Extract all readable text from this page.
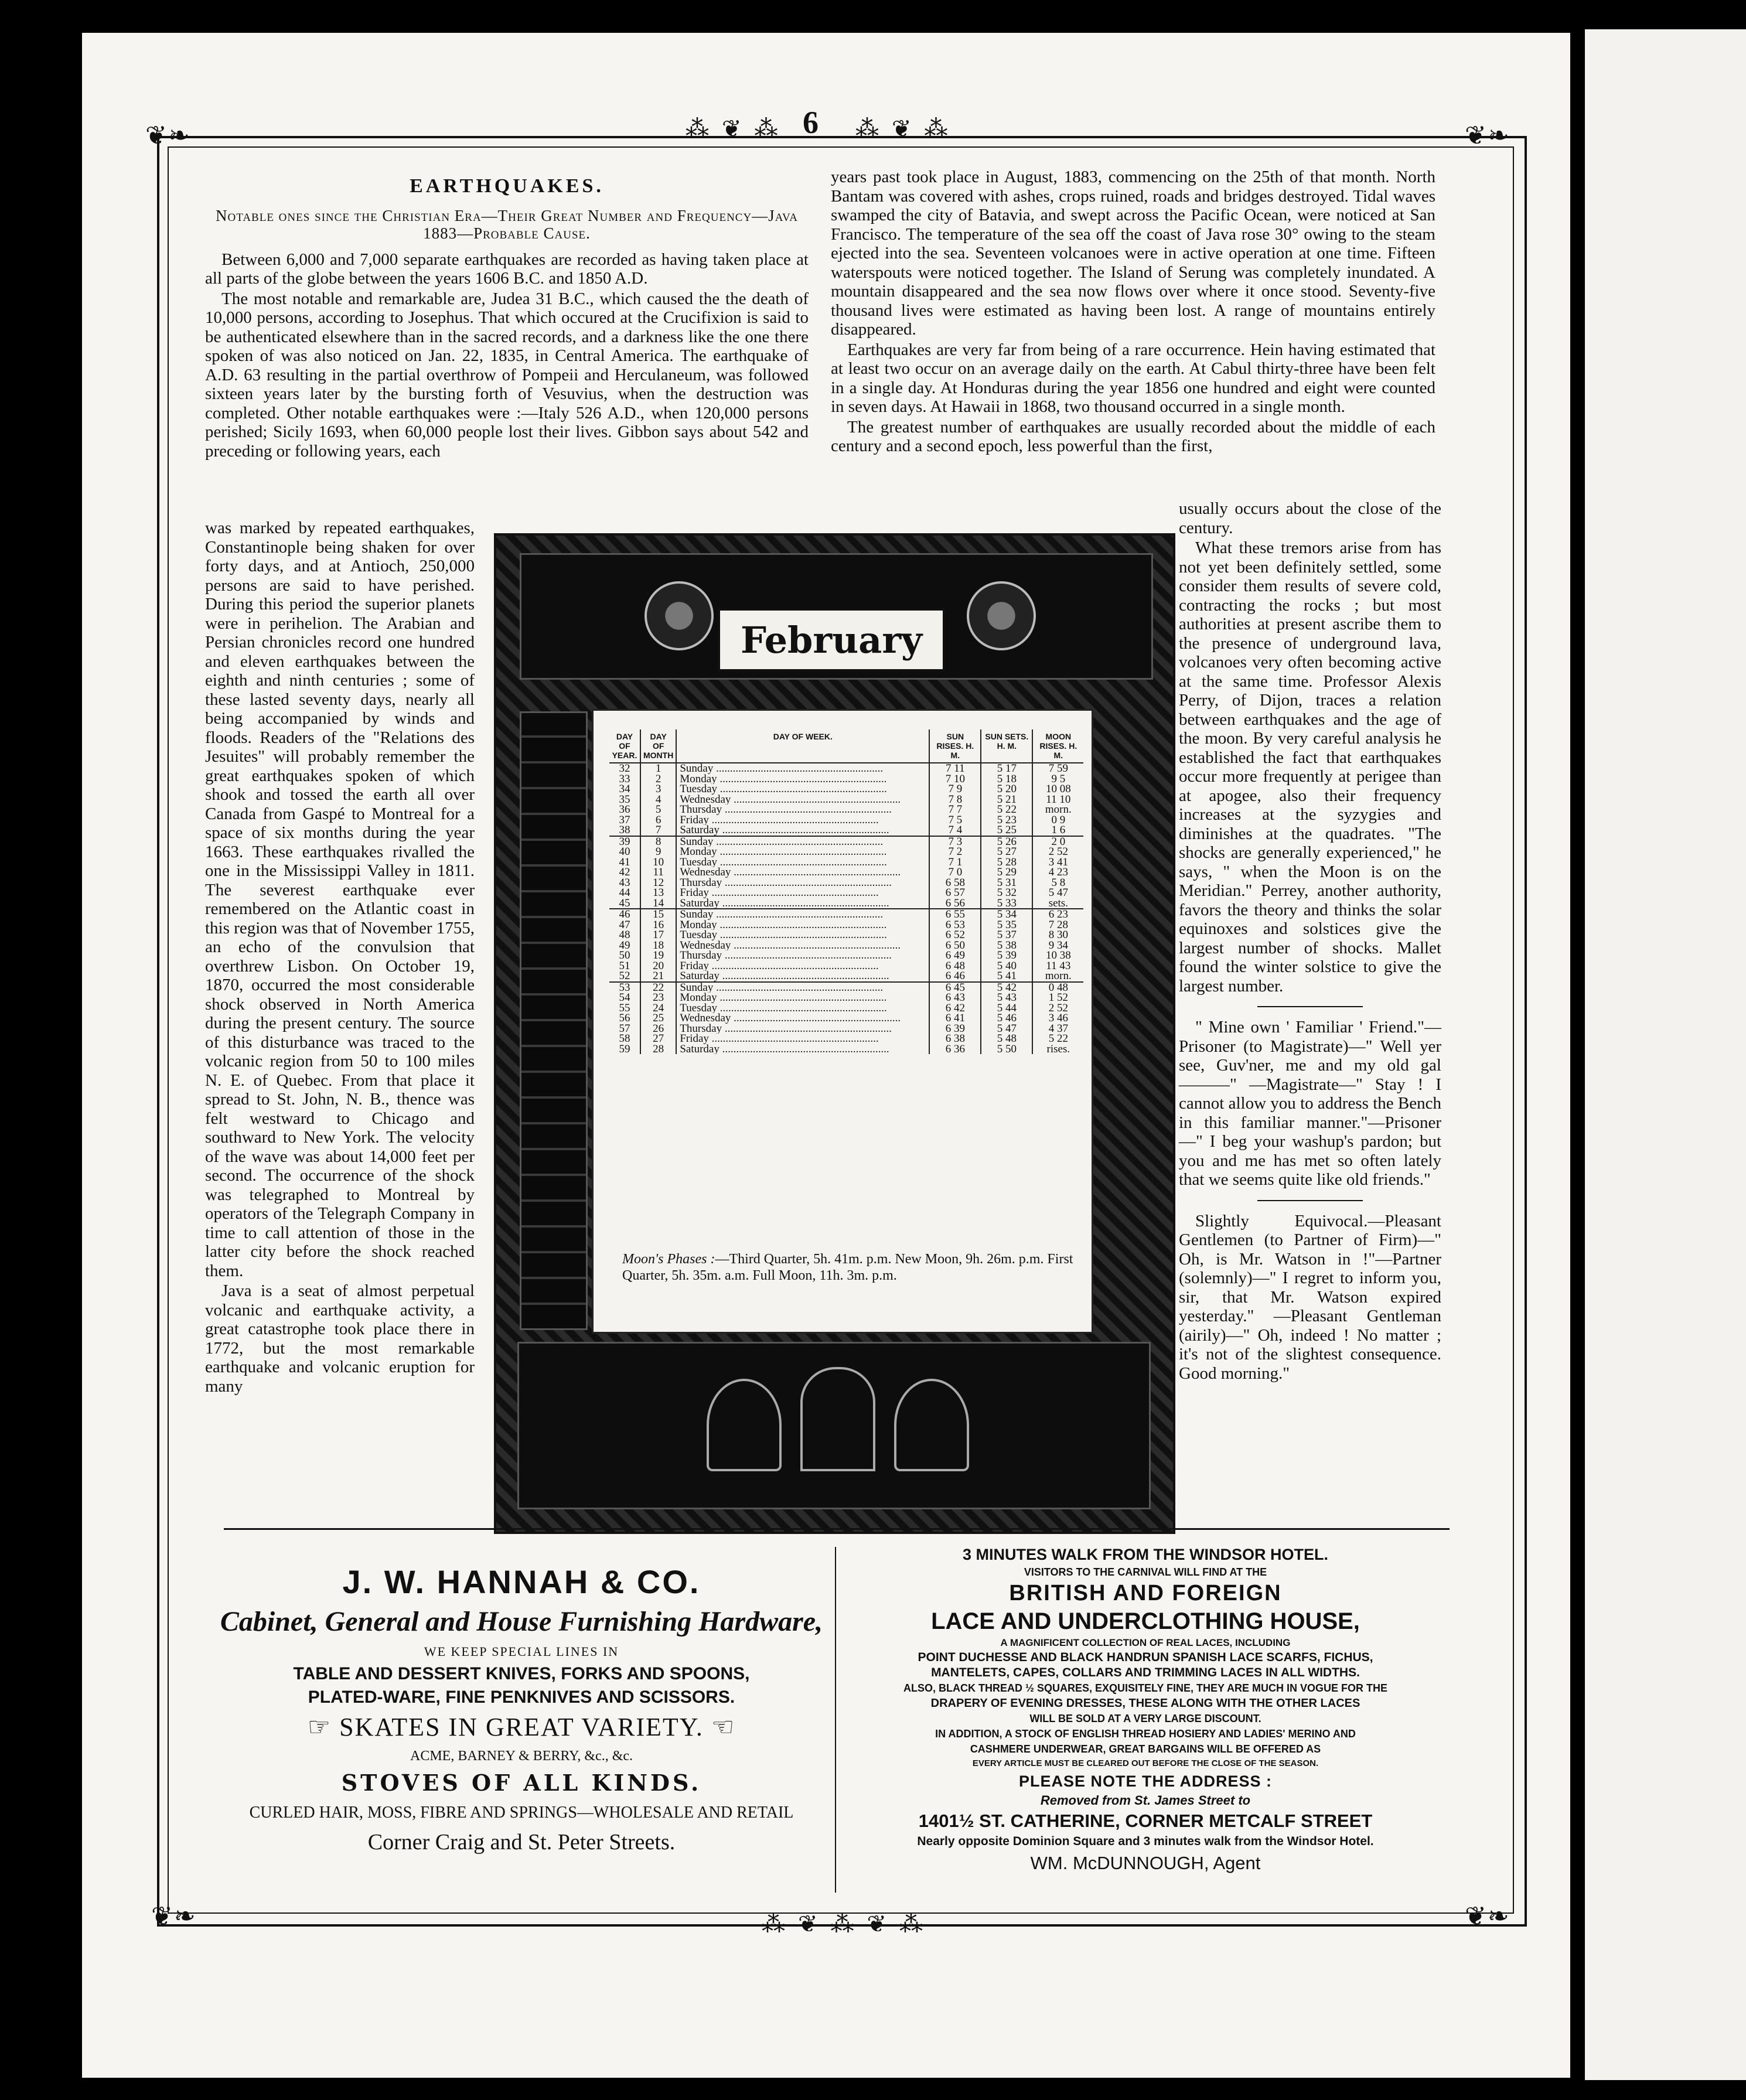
❦❧	❦❧
❦❧	❦❧
⁂ ❦ ⁂	⁂ ❦ ⁂
⁂ ❦ ⁂ ❦ ⁂
6
EARTHQUAKES.
Notable ones since the Christian Era—Their Great Number and Frequency—Java 1883—Probable Cause.

Between 6,000 and 7,000 separate earthquakes are recorded as having taken place at all parts of the globe between the years 1606 B.C. and 1850 A.D.

The most notable and remarkable are, Judea 31 B.C., which caused the the death of 10,000 persons, according to Josephus. That which occured at the Crucifixion is said to be authenticated elsewhere than in the sacred records, and a darkness like the one there spoken of was also noticed on Jan. 22, 1835, in Central America. The earthquake of A.D. 63 resulting in the partial overthrow of Pompeii and Herculaneum, was followed sixteen years later by the bursting forth of Vesuvius, when the destruction was completed. Other notable earthquakes were :—Italy 526 A.D., when 120,000 persons perished; Sicily 1693, when 60,000 people lost their lives. Gibbon says about 542 and preceding or following years, each

was marked by repeated earthquakes, Constantinople being shaken for over forty days, and at Antioch, 250,000 persons are said to have perished. During this period the superior planets were in perihelion. The Arabian and Persian chronicles record one hundred and eleven earthquakes between the eighth and ninth centuries ; some of these lasted seventy days, nearly all being accompanied by winds and floods. Readers of the "Relations des Jesuites" will probably remember the great earthquakes spoken of which shook and tossed the earth all over Canada from Gaspé to Montreal for a space of six months during the year 1663. These earthquakes rivalled the one in the Mississippi Valley in 1811. The severest earthquake ever remembered on the Atlantic coast in this region was that of November 1755, an echo of the convulsion that overthrew Lisbon. On October 19, 1870, occurred the most considerable shock observed in North America during the present century. The source of this disturbance was traced to the volcanic region from 50 to 100 miles N. E. of Quebec. From that place it spread to St. John, N. B., thence was felt westward to Chicago and southward to New York. The velocity of the wave was about 14,000 feet per second. The occurrence of the shock was telegraphed to Montreal by operators of the Telegraph Company in time to call attention of those in the latter city before the shock reached them.

Java is a seat of almost perpetual volcanic and earthquake activity, a great catastrophe took place there in 1772, but the most remarkable earthquake and volcanic eruption for many

years past took place in August, 1883, commencing on the 25th of that month. North Bantam was covered with ashes, crops ruined, roads and bridges destroyed. Tidal waves swamped the city of Batavia, and swept across the Pacific Ocean, were noticed at San Francisco. The temperature of the sea off the coast of Java rose 30° owing to the steam ejected into the sea. Seventeen volcanoes were in active operation at one time. Fifteen waterspouts were noticed together. The Island of Serung was completely inundated. A mountain disappeared and the sea now flows over where it once stood. Seventy-five thousand lives were estimated as having been lost. A range of mountains entirely disappeared.

Earthquakes are very far from being of a rare occurrence. Hein having estimated that at least two occur on an average daily on the earth. At Cabul thirty-three have been felt in a single day. At Honduras during the year 1856 one hundred and eight were counted in seven days. At Hawaii in 1868, two thousand occurred in a single month.

The greatest number of earthquakes are usually recorded about the middle of each century and a second epoch, less powerful than the first,

usually occurs about the close of the century.

What these tremors arise from has not yet been definitely settled, some consider them results of severe cold, contracting the rocks ; but most authorities at present ascribe them to the presence of underground lava, volcanoes very often becoming active at the same time. Professor Alexis Perry, of Dijon, traces a relation between earthquakes and the age of the moon. By very careful analysis he established the fact that earthquakes occur more frequently at perigee than at apogee, also their frequency increases at the syzygies and diminishes at the quadrates. "The shocks are generally experienced," he says, " when the Moon is on the Meridian." Perrey, another authority, favors the theory and thinks the solar equinoxes and solstices give the largest number of shocks. Mallet found the winter solstice to give the largest number.

" Mine own ' Familiar ' Friend."—Prisoner (to Magistrate)—" Well yer see, Guv'ner, me and my old gal———" —Magistrate—" Stay ! I cannot allow you to address the Bench in this familiar manner."—Prisoner—" I beg your washup's pardon; but you and me has met so often lately that we seems quite like old friends."

Slightly Equivocal.—Pleasant Gentlemen (to Partner of Firm)—" Oh, is Mr. Watson in !"—Partner (solemnly)—" I regret to inform you, sir, that Mr. Watson expired yesterday." —Pleasant Gentleman (airily)—" Oh, indeed ! No matter ; it's not of the slightest consequence. Good morning."

February
DAY OF YEAR.	DAY OF MONTH	DAY OF WEEK.	SUN RISES. H. M.	SUN SETS. H. M.	MOON RISES. H. M.
32	1	Sunday ............................................................	7 11	5 17	7 59
33	2	Monday ............................................................	7 10	5 18	9 5
34	3	Tuesday ............................................................	7 9	5 20	10 08
35	4	Wednesday ............................................................	7 8	5 21	11 10
36	5	Thursday ............................................................	7 7	5 22	morn.
37	6	Friday ............................................................	7 5	5 23	0 9
38	7	Saturday ............................................................	7 4	5 25	1 6
39	8	Sunday ............................................................	7 3	5 26	2 0
40	9	Monday ............................................................	7 2	5 27	2 52
41	10	Tuesday ............................................................	7 1	5 28	3 41
42	11	Wednesday ............................................................	7 0	5 29	4 23
43	12	Thursday ............................................................	6 58	5 31	5 8
44	13	Friday ............................................................	6 57	5 32	5 47
45	14	Saturday ............................................................	6 56	5 33	sets.
46	15	Sunday ............................................................	6 55	5 34	6 23
47	16	Monday ............................................................	6 53	5 35	7 28
48	17	Tuesday ............................................................	6 52	5 37	8 30
49	18	Wednesday ............................................................	6 50	5 38	9 34
50	19	Thursday ............................................................	6 49	5 39	10 38
51	20	Friday ............................................................	6 48	5 40	11 43
52	21	Saturday ............................................................	6 46	5 41	morn.
53	22	Sunday ............................................................	6 45	5 42	0 48
54	23	Monday ............................................................	6 43	5 43	1 52
55	24	Tuesday ............................................................	6 42	5 44	2 52
56	25	Wednesday ............................................................	6 41	5 46	3 46
57	26	Thursday ............................................................	6 39	5 47	4 37
58	27	Friday ............................................................	6 38	5 48	5 22
59	28	Saturday ............................................................	6 36	5 50	rises.
Moon's Phases :—Third Quarter, 5h. 41m. p.m. New Moon, 9h. 26m. p.m. First Quarter, 5h. 35m. a.m. Full Moon, 11h. 3m. p.m.
J. W. HANNAH & CO.
Cabinet, General and House Furnishing Hardware,
WE KEEP SPECIAL LINES IN
TABLE AND DESSERT KNIVES, FORKS AND SPOONS,
PLATED-WARE, FINE PENKNIVES AND SCISSORS.
☞ SKATES IN GREAT VARIETY. ☜
ACME, BARNEY & BERRY, &c., &c.
STOVES OF ALL KINDS.
CURLED HAIR, MOSS, FIBRE AND SPRINGS—WHOLESALE AND RETAIL
Corner Craig and St. Peter Streets.
3 MINUTES WALK FROM THE WINDSOR HOTEL.
VISITORS TO THE CARNIVAL WILL FIND AT THE
BRITISH AND FOREIGN
LACE AND UNDERCLOTHING HOUSE,
A MAGNIFICENT COLLECTION OF REAL LACES, INCLUDING
POINT DUCHESSE AND BLACK HANDRUN SPANISH LACE SCARFS, FICHUS,
MANTELETS, CAPES, COLLARS AND TRIMMING LACES IN ALL WIDTHS.
ALSO, BLACK THREAD ½ SQUARES, EXQUISITELY FINE, THEY ARE MUCH IN VOGUE FOR THE
DRAPERY OF EVENING DRESSES, THESE ALONG WITH THE OTHER LACES
WILL BE SOLD AT A VERY LARGE DISCOUNT.
IN ADDITION, A STOCK OF ENGLISH THREAD HOSIERY AND LADIES' MERINO AND
CASHMERE UNDERWEAR, GREAT BARGAINS WILL BE OFFERED AS
EVERY ARTICLE MUST BE CLEARED OUT BEFORE THE CLOSE OF THE SEASON.
PLEASE NOTE THE ADDRESS :
Removed from St. James Street to
1401½ ST. CATHERINE, CORNER METCALF STREET
Nearly opposite Dominion Square and 3 minutes walk from the Windsor Hotel.
WM. McDUNNOUGH, Agent
